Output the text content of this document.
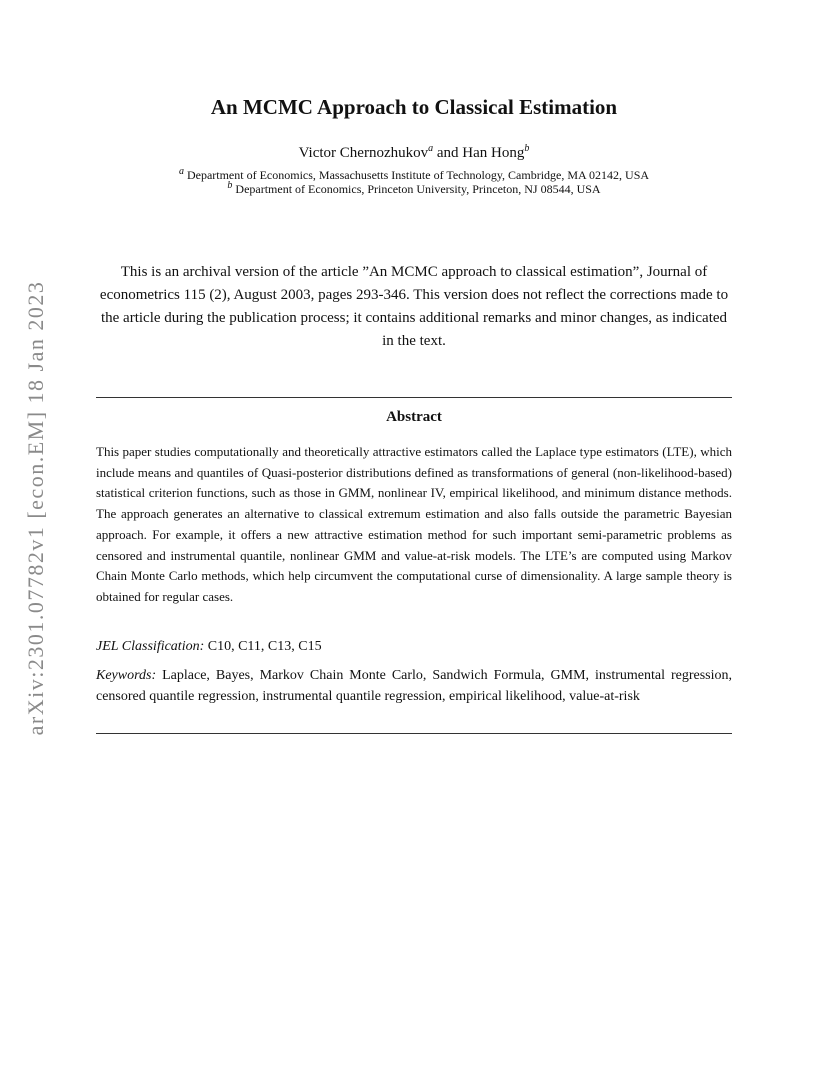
arXiv:2301.07782v1 [econ.EM] 18 Jan 2023
An MCMC Approach to Classical Estimation
Victor Chernozhukov$^a$ and Han Hong$^b$
$^a$ Department of Economics, Massachusetts Institute of Technology, Cambridge, MA 02142, USA
$^b$ Department of Economics, Princeton University, Princeton, NJ 08544, USA
This is an archival version of the article ”An MCMC approach to classical estimation”, Journal of econometrics 115 (2), August 2003, pages 293-346. This version does not reflect the corrections made to the article during the publication process; it contains additional remarks and minor changes, as indicated in the text.
Abstract
This paper studies computationally and theoretically attractive estimators called the Laplace type estimators (LTE), which include means and quantiles of Quasi-posterior distributions defined as transformations of general (non-likelihood-based) statistical criterion functions, such as those in GMM, nonlinear IV, empirical likelihood, and minimum distance methods. The approach generates an alternative to classical extremum estimation and also falls outside the parametric Bayesian approach. For example, it offers a new attractive estimation method for such important semi-parametric problems as censored and instrumental quantile, nonlinear GMM and value-at-risk models. The LTE’s are computed using Markov Chain Monte Carlo methods, which help circumvent the computational curse of dimensionality. A large sample theory is obtained for regular cases.
JEL Classification: C10, C11, C13, C15
Keywords: Laplace, Bayes, Markov Chain Monte Carlo, Sandwich Formula, GMM, instrumental regression, censored quantile regression, instrumental quantile regression, empirical likelihood, value-at-risk
